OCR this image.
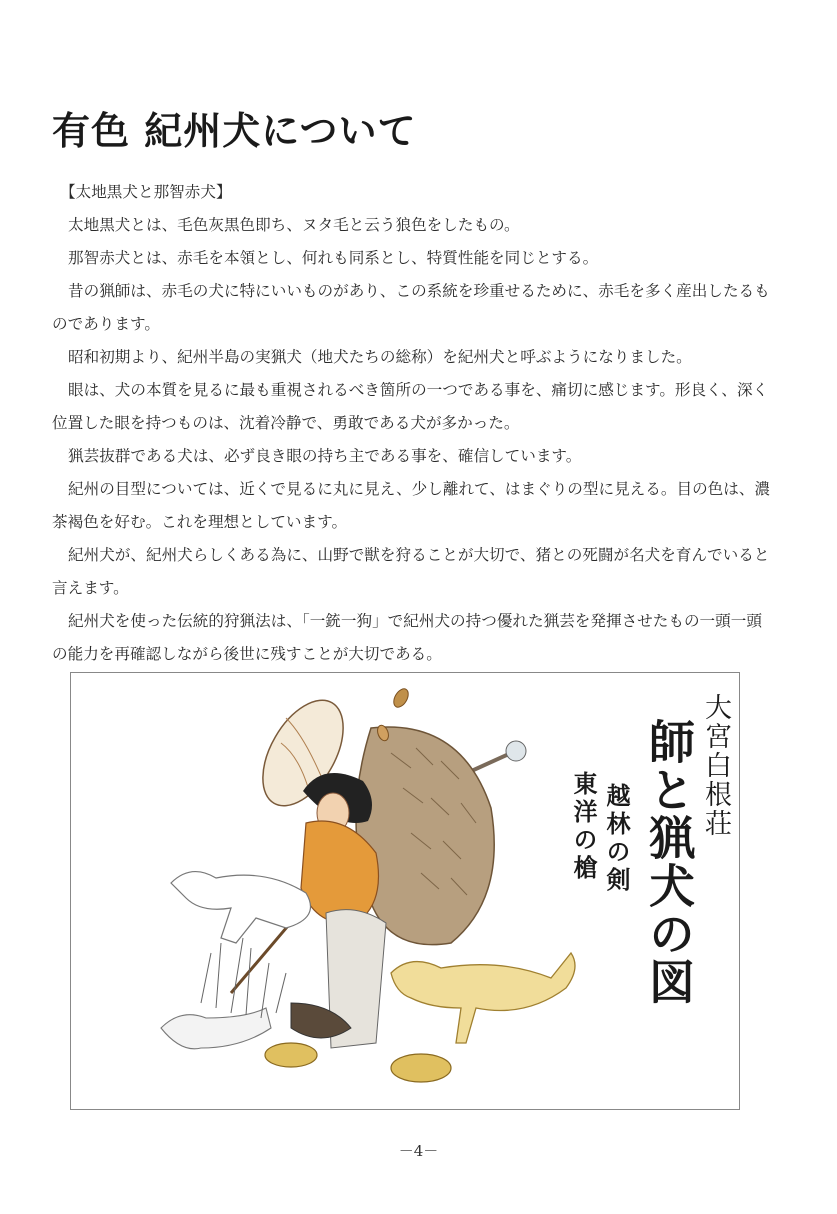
有色 紀州犬について

【太地黒犬と那智赤犬】

太地黒犬とは、毛色灰黒色即ち、ヌタ毛と云う狼色をしたもの。

那智赤犬とは、赤毛を本領とし、何れも同系とし、特質性能を同じとする。

昔の猟師は、赤毛の犬に特にいいものがあり、この系統を珍重せるために、赤毛を多く産出したるものであります。

昭和初期より、紀州半島の実猟犬（地犬たちの総称）を紀州犬と呼ぶようになりました。

眼は、犬の本質を見るに最も重視されるべき箇所の一つである事を、痛切に感じます。形良く、深く位置した眼を持つものは、沈着冷静で、勇敢である犬が多かった。

猟芸抜群である犬は、必ず良き眼の持ち主である事を、確信しています。

紀州の目型については、近くで見るに丸に見え、少し離れて、はまぐりの型に見える。目の色は、濃茶褐色を好む。これを理想としています。

紀州犬が、紀州犬らしくある為に、山野で獣を狩ることが大切で、猪との死闘が名犬を育んでいると言えます。

紀州犬を使った伝統的狩猟法は、「一銃一狗」で紀州犬の持つ優れた猟芸を発揮させたもの一頭一頭の能力を再確認しながら後世に残すことが大切である。

大宮白根荘
師と猟犬の図
越林の剣
東洋の槍
－4－
